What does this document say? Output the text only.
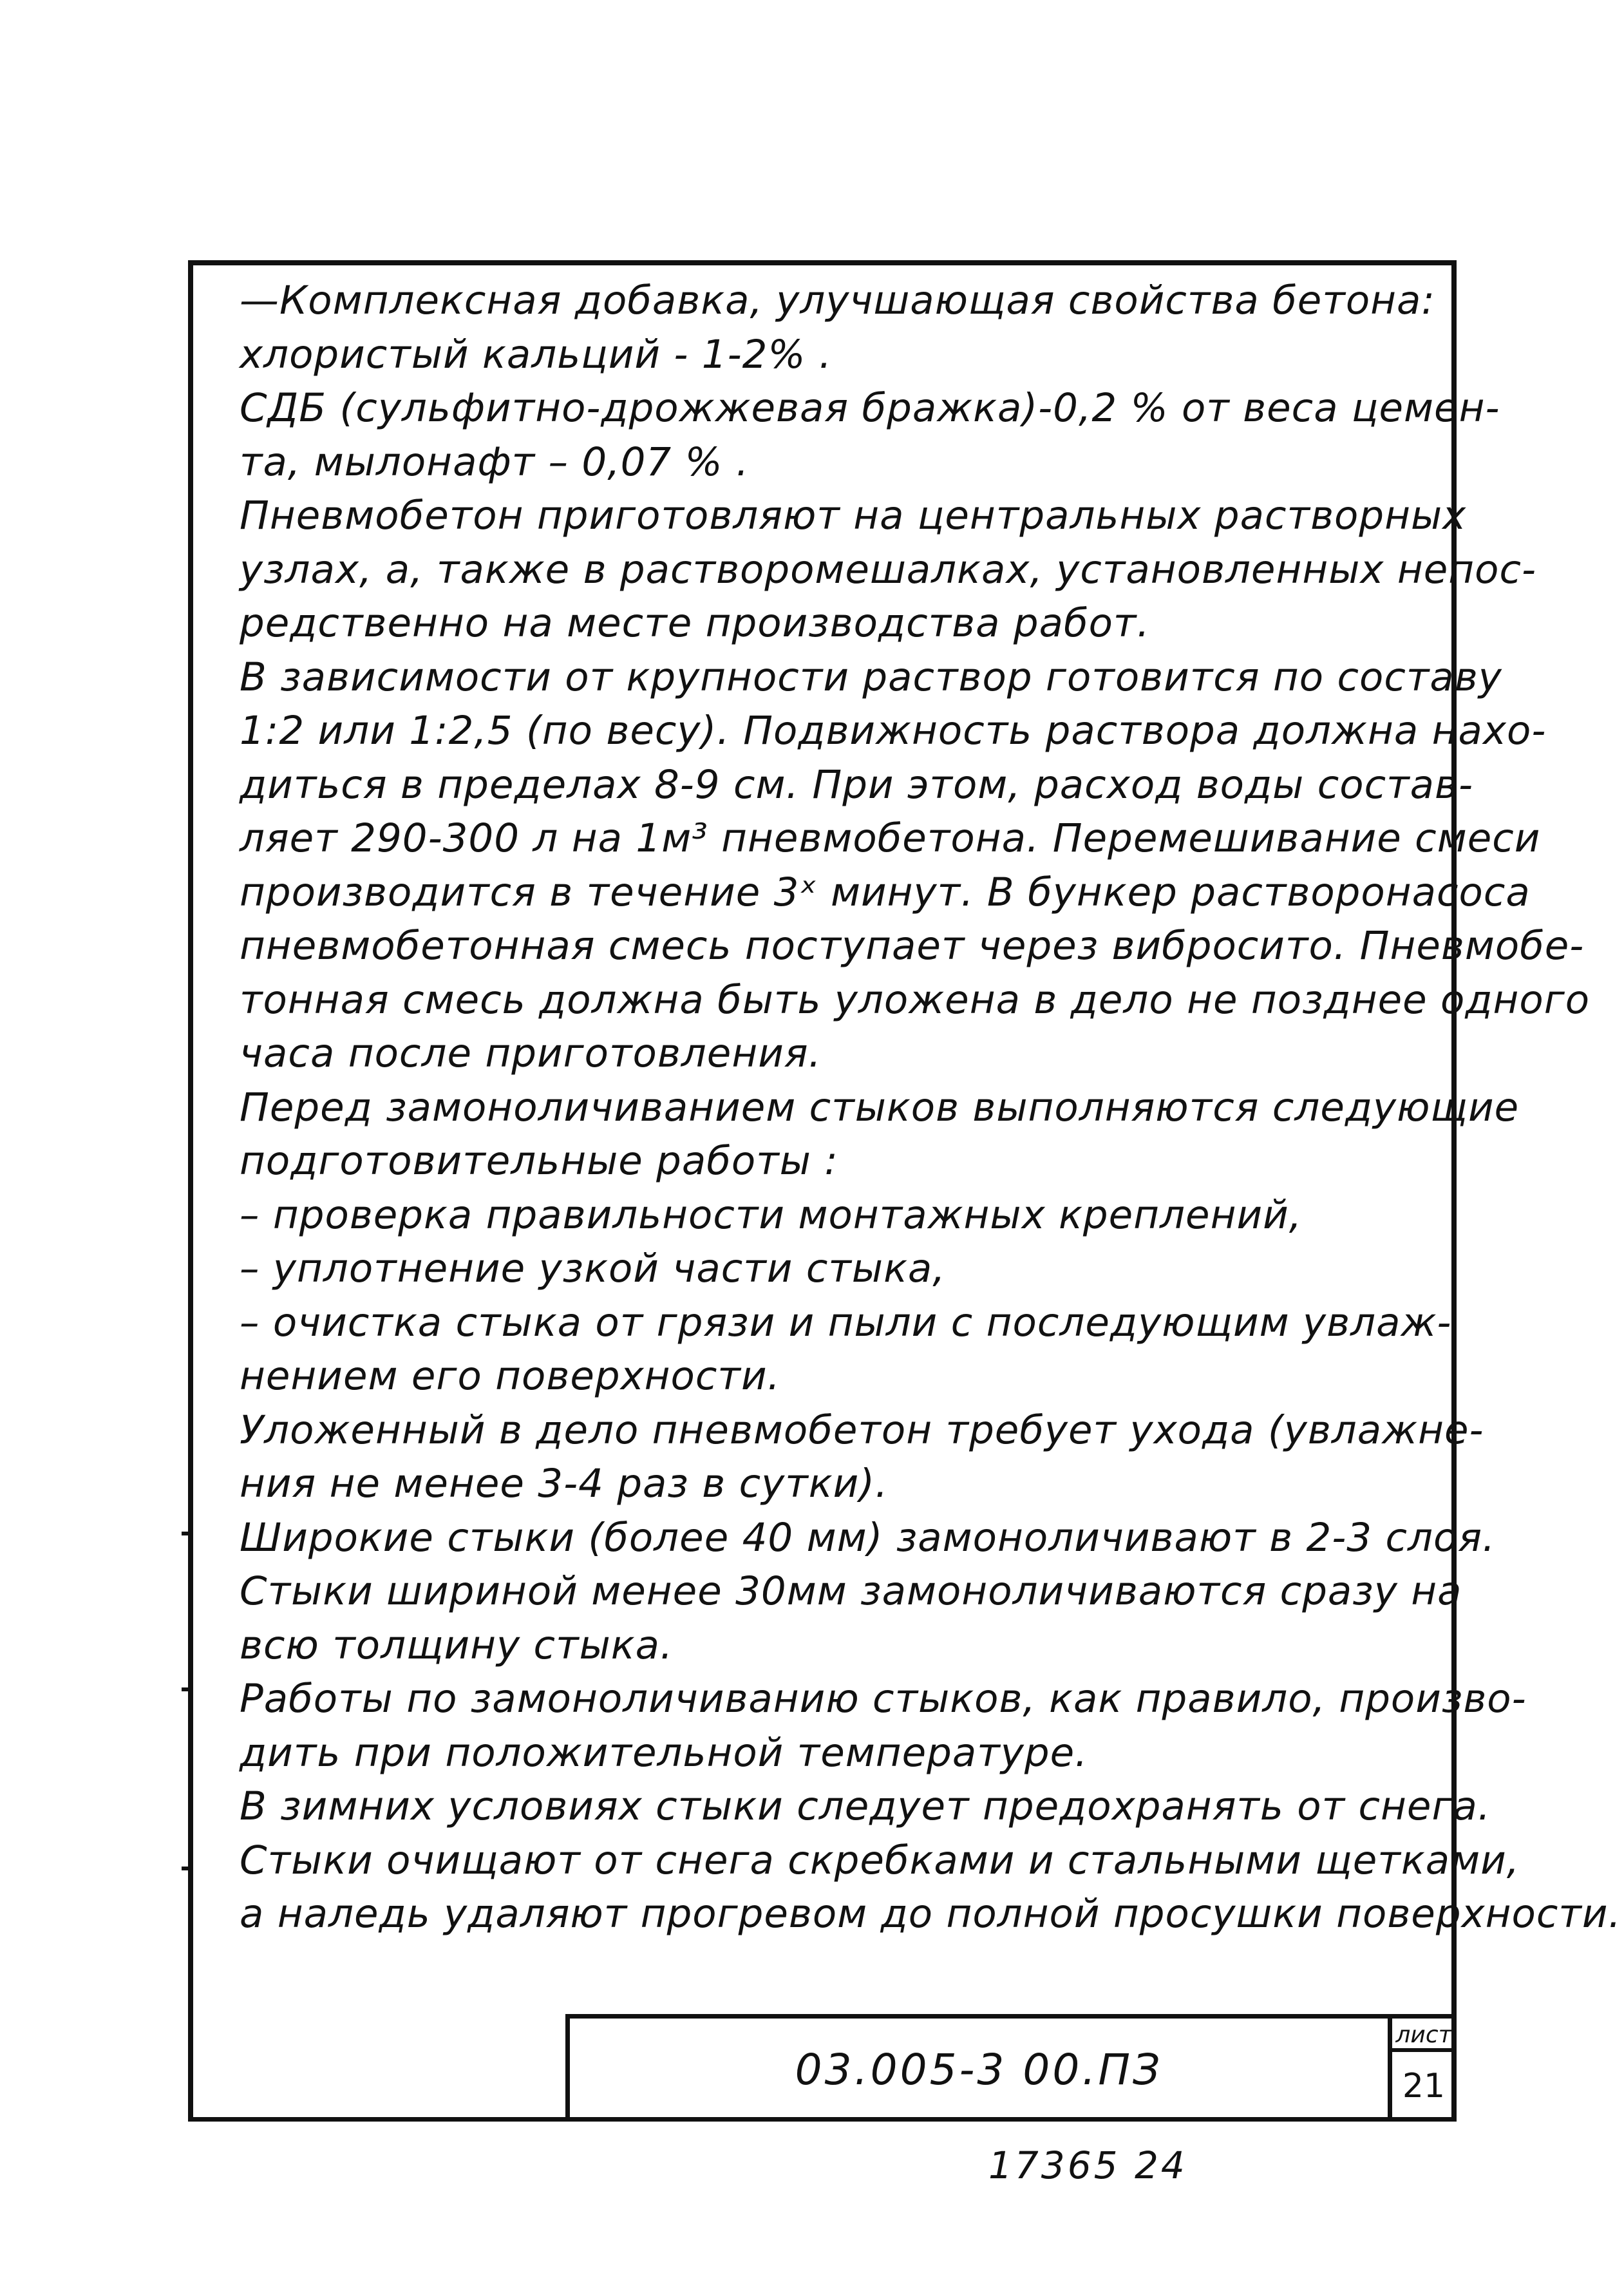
—Комплексная добавка, улучшающая свойства бетона:
хлористый кальций - 1-2% .
СДБ (сульфитно-дрожжевая бражка)-0,2 % от веса цемен-
та, мылонафт – 0,07 % .
Пневмобетон приготовляют на центральных растворных
узлах, а, также в растворомешалках, установленных непос-
редственно на месте производства работ.
В зависимости от крупности раствор готовится по составу
1:2 или 1:2,5 (по весу). Подвижность раствора должна нахо-
диться в пределах 8-9 см. При этом, расход воды состав-
ляет 290-300 л на 1м³ пневмобетона. Перемешивание смеси
производится в течение 3ˣ минут. В бункер растворонасоса
пневмобетонная смесь поступает через вибросито. Пневмобе-
тонная смесь должна быть уложена в дело не позднее одного
часа после приготовления.
Перед замоноличиванием стыков выполняются следующие
подготовительные работы :
– проверка правильности монтажных креплений,
– уплотнение узкой части стыка,
– очистка стыка от грязи и пыли с последующим увлаж-
нением его поверхности.
Уложенный в дело пневмобетон требует ухода (увлажне-
ния не менее 3-4 раз в сутки).
Широкие стыки (более 40 мм) замоноличивают в 2-3 слоя.
Стыки шириной менее 30мм замоноличиваются сразу на
всю толщину стыка.
Работы по замоноличиванию стыков, как правило, произво-
дить при положительной температуре.
В зимних условиях стыки следует предохранять от снега.
Стыки очищают от снега скребками и стальными щетками,
а наледь удаляют прогревом до полной просушки поверхности.
03.005-3 00.ПЗ
лист
21
17365 24
